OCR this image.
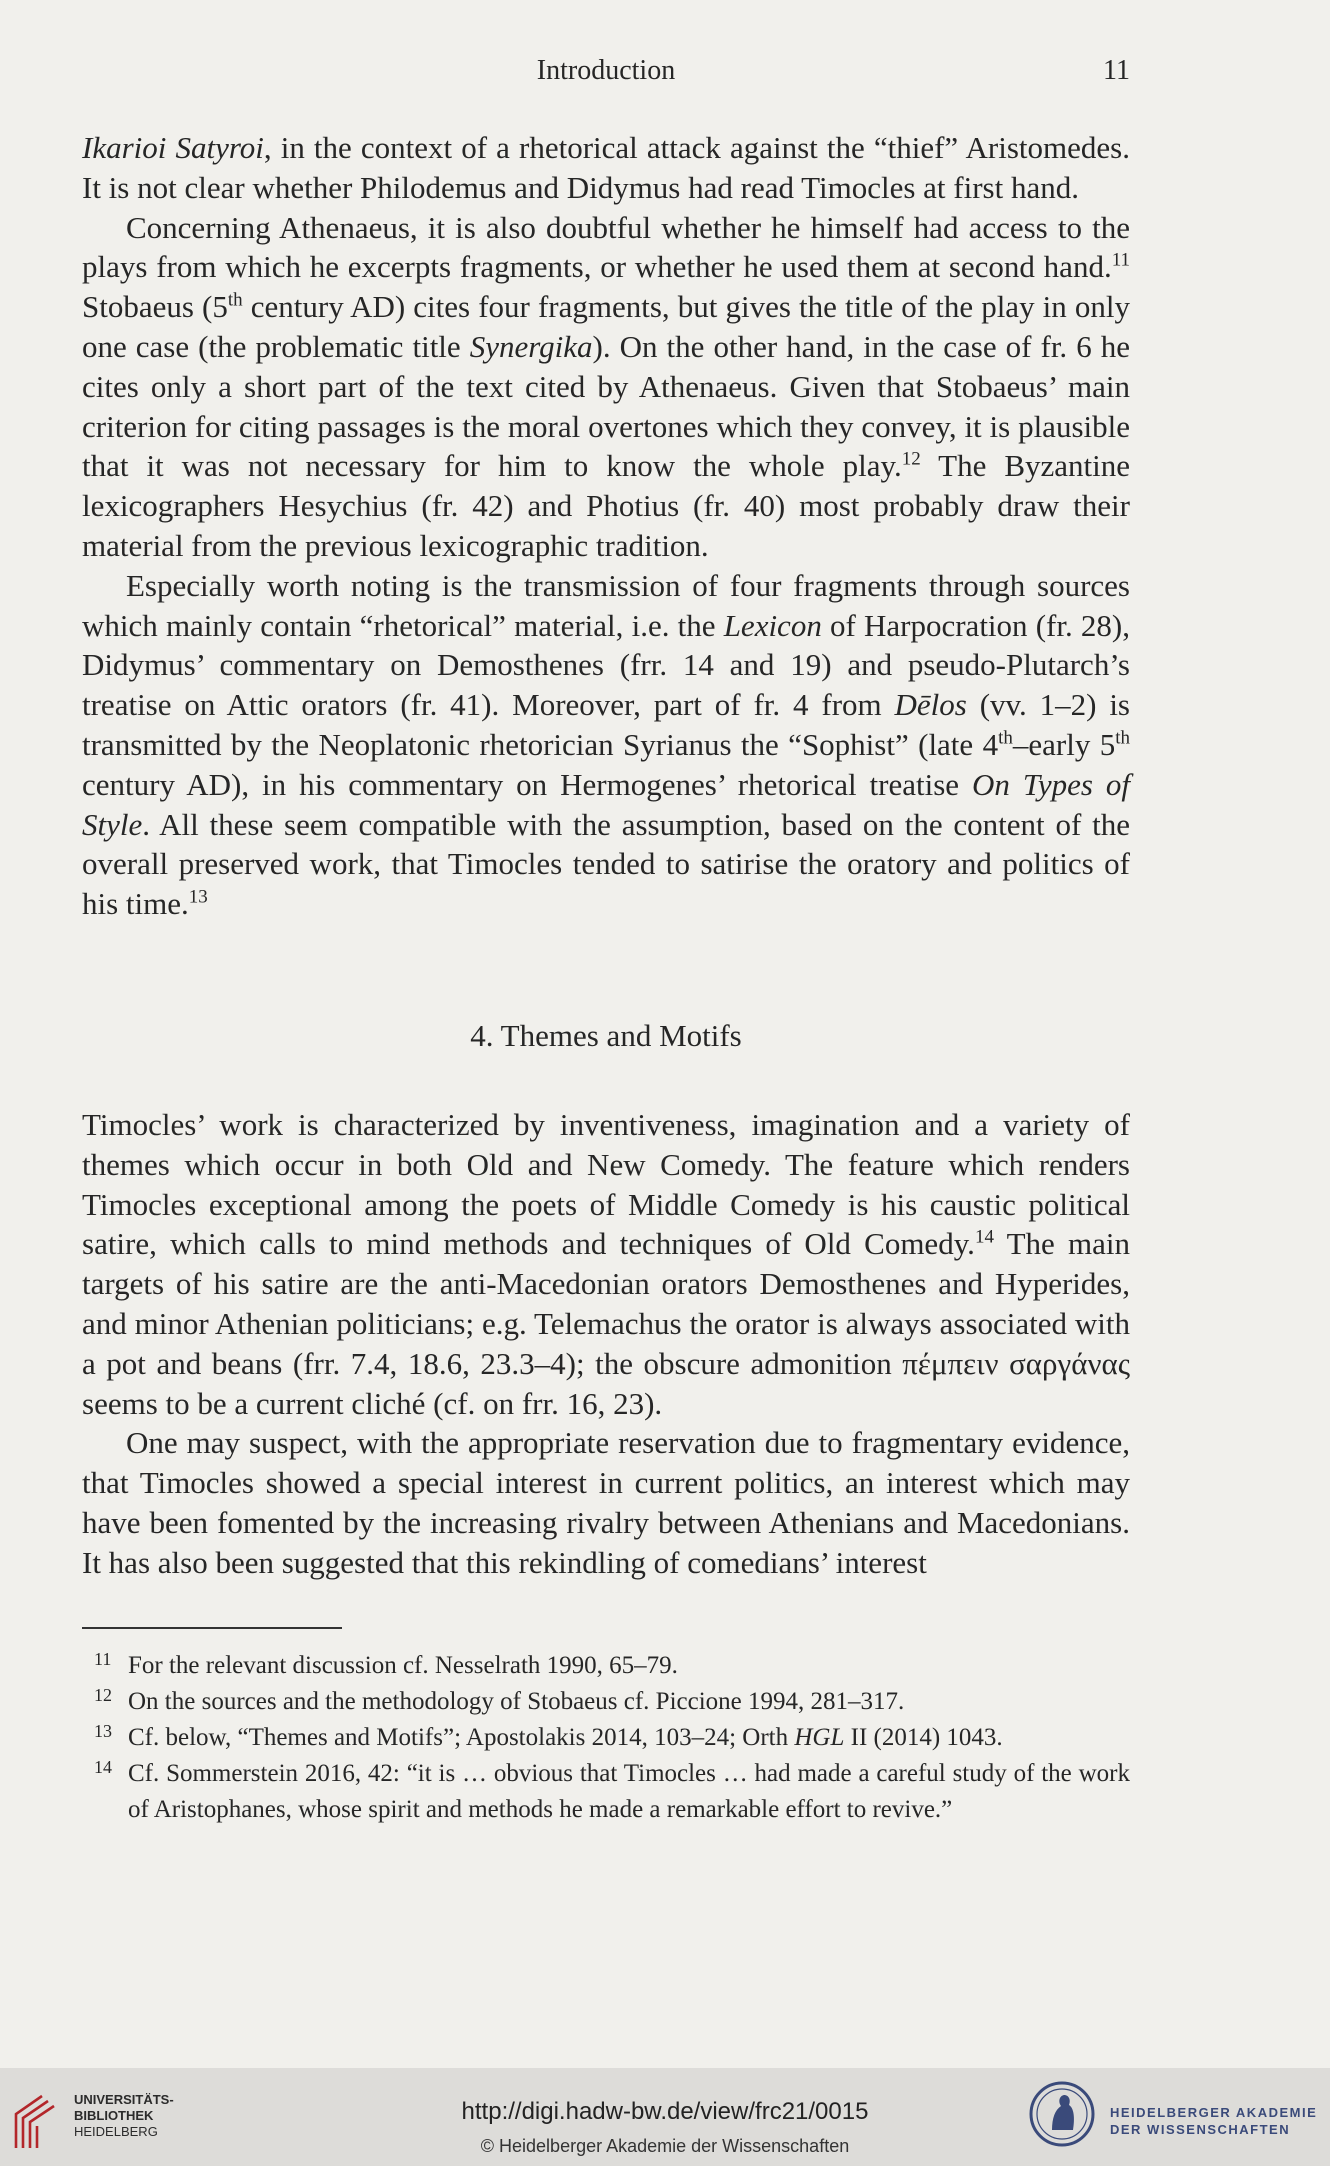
Introduction	11

Ikarioi Satyroi, in the context of a rhetorical attack against the “thief” Aristomedes. It is not clear whether Philodemus and Didymus had read Timocles at first hand.

Concerning Athenaeus, it is also doubtful whether he himself had access to the plays from which he excerpts fragments, or whether he used them at second hand.$^{11}$ Stobaeus (5th century AD) cites four fragments, but gives the title of the play in only one case (the problematic title Synergika). On the other hand, in the case of fr. 6 he cites only a short part of the text cited by Athenaeus. Given that Stobaeus’ main criterion for citing passages is the moral overtones which they convey, it is plausible that it was not necessary for him to know the whole play.$^{12}$ The Byzantine lexicographers Hesychius (fr. 42) and Photius (fr. 40) most probably draw their material from the previous lexicographic tradition.

Especially worth noting is the transmission of four fragments through sources which mainly contain “rhetorical” material, i.e. the Lexicon of Harpocration (fr. 28), Didymus’ commentary on Demosthenes (frr. 14 and 19) and pseudo-Plutarch’s treatise on Attic orators (fr. 41). Moreover, part of fr. 4 from Dēlos (vv. 1–2) is transmitted by the Neoplatonic rhetorician Syrianus the “Sophist” (late 4th–early 5th century AD), in his commentary on Hermogenes’ rhetorical treatise On Types of Style. All these seem compatible with the assumption, based on the content of the overall preserved work, that Timocles tended to satirise the oratory and politics of his time.$^{13}$

4. Themes and Motifs

Timocles’ work is characterized by inventiveness, imagination and a variety of themes which occur in both Old and New Comedy. The feature which renders Timocles exceptional among the poets of Middle Comedy is his caustic political satire, which calls to mind methods and techniques of Old Comedy.$^{14}$ The main targets of his satire are the anti-Macedonian orators Demosthenes and Hyperides, and minor Athenian politicians; e.g. Telemachus the orator is always associated with a pot and beans (frr. 7.4, 18.6, 23.3–4); the obscure admonition πέμπειν σαργάνας seems to be a current cliché (cf. on frr. 16, 23).

One may suspect, with the appropriate reservation due to fragmentary evidence, that Timocles showed a special interest in current politics, an interest which may have been fomented by the increasing rivalry between Athenians and Macedonians. It has also been suggested that this rekindling of comedians’ interest

11 For the relevant discussion cf. Nesselrath 1990, 65–79.

12 On the sources and the methodology of Stobaeus cf. Piccione 1994, 281–317.

13 Cf. below, “Themes and Motifs”; Apostolakis 2014, 103–24; Orth HGL II (2014) 1043.

14 Cf. Sommerstein 2016, 42: “it is … obvious that Timocles … had made a careful study of the work of Aristophanes, whose spirit and methods he made a remarkable effort to revive.”

UNIVERSITÄTS-
BIBLIOTHEK
HEIDELBERG
http://digi.hadw-bw.de/view/frc21/0015
© Heidelberger Akademie der Wissenschaften
HEIDELBERGER AKADEMIE
DER WISSENSCHAFTEN
